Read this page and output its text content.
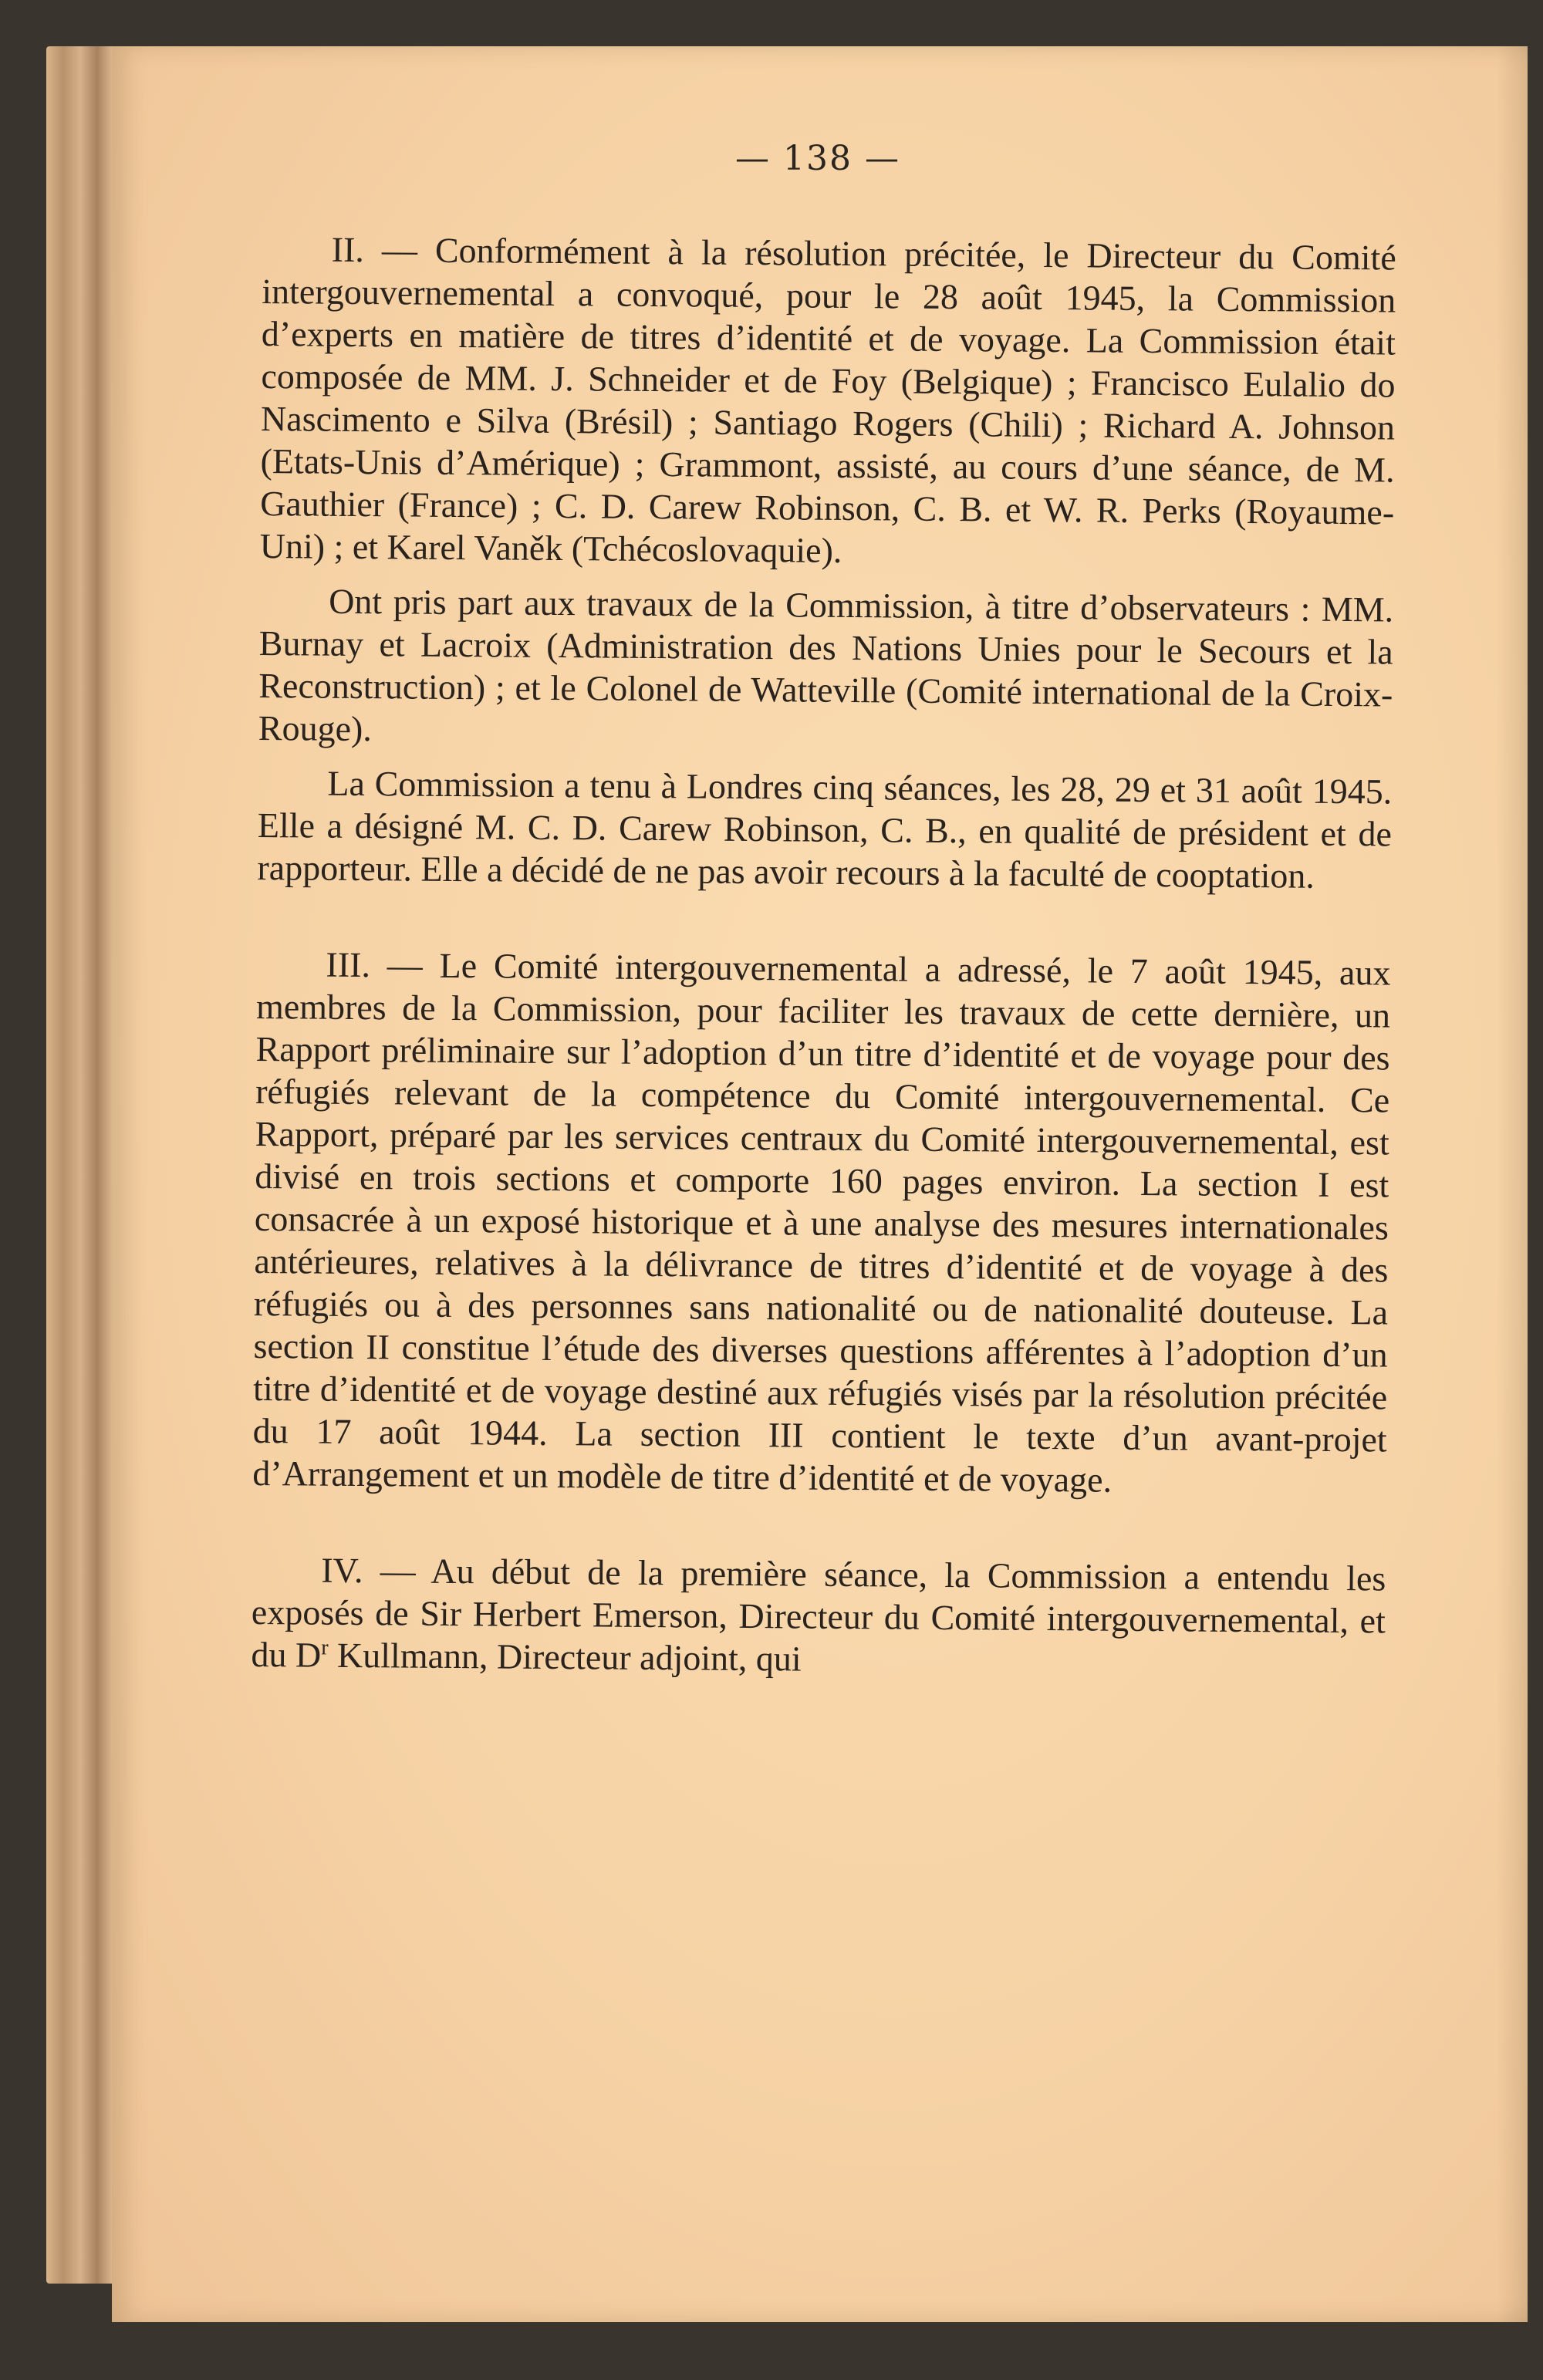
— 138 —

II. — Conformément à la résolution précitée, le Directeur du Comité intergouvernemental a convoqué, pour le 28 août 1945, la Commission d’experts en matière de titres d’identité et de voyage. La Commission était composée de MM. J. Schneider et de Foy (Belgique) ; Francisco Eulalio do Nascimento e Silva (Brésil) ; Santiago Rogers (Chili) ; Richard A. Johnson (Etats-Unis d’Amérique) ; Grammont, assisté, au cours d’une séance, de M. Gauthier (France) ; C. D. Carew Robinson, C. B. et W. R. Perks (Royaume-Uni) ; et Karel Vaněk (Tchécoslovaquie).

Ont pris part aux travaux de la Commission, à titre d’observateurs : MM. Burnay et Lacroix (Administration des Nations Unies pour le Secours et la Reconstruction) ; et le Colonel de Watteville (Comité international de la Croix-Rouge).

La Commission a tenu à Londres cinq séances, les 28, 29 et 31 août 1945. Elle a désigné M. C. D. Carew Robinson, C. B., en qualité de président et de rapporteur. Elle a décidé de ne pas avoir recours à la faculté de cooptation.

III. — Le Comité intergouvernemental a adressé, le 7 août 1945, aux membres de la Commission, pour faciliter les travaux de cette dernière, un Rapport préliminaire sur l’adoption d’un titre d’identité et de voyage pour des réfugiés relevant de la compétence du Comité intergouvernemental. Ce Rapport, préparé par les services centraux du Comité intergouvernemental, est divisé en trois sections et comporte 160 pages environ. La section I est consacrée à un exposé historique et à une analyse des mesures internationales antérieures, relatives à la délivrance de titres d’identité et de voyage à des réfugiés ou à des personnes sans nationalité ou de nationalité douteuse. La section II constitue l’étude des diverses questions afférentes à l’adoption d’un titre d’identité et de voyage destiné aux réfugiés visés par la résolution précitée du 17 août 1944. La section III contient le texte d’un avant-projet d’Arrangement et un modèle de titre d’identité et de voyage.

IV. — Au début de la première séance, la Commission a entendu les exposés de Sir Herbert Emerson, Directeur du Comité intergouvernemental, et du $D^r$ Kullmann, Directeur adjoint, qui
